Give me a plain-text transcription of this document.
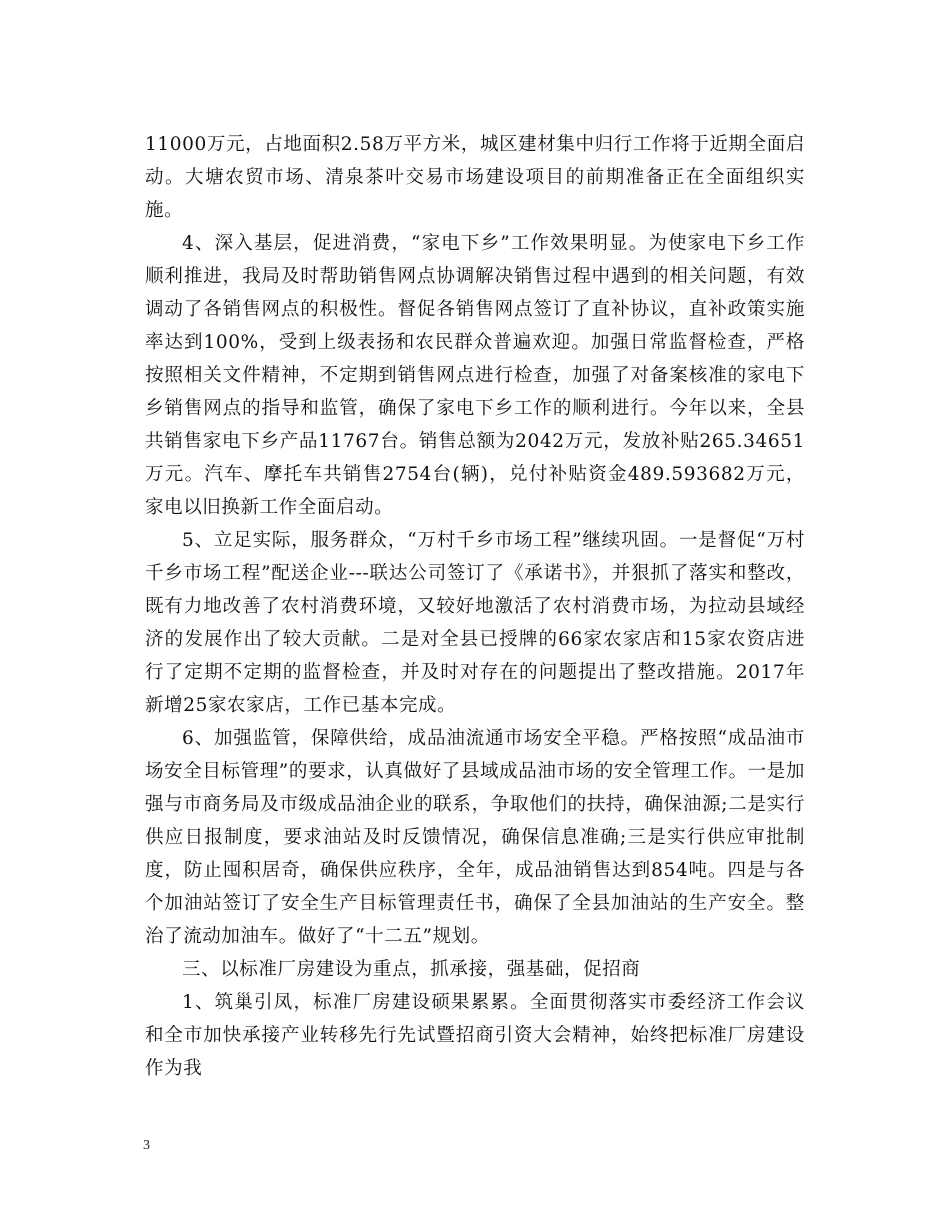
11000万元，占地面积2.58万平方米，城区建材集中归行工作将于近期全面启动。大塘农贸市场、清泉茶叶交易市场建设项目的前期准备正在全面组织实施。

4、深入基层，促进消费，“家电下乡”工作效果明显。为使家电下乡工作顺利推进，我局及时帮助销售网点协调解决销售过程中遇到的相关问题，有效调动了各销售网点的积极性。督促各销售网点签订了直补协议，直补政策实施率达到100%，受到上级表扬和农民群众普遍欢迎。加强日常监督检查，严格按照相关文件精神，不定期到销售网点进行检查，加强了对备案核准的家电下乡销售网点的指导和监管，确保了家电下乡工作的顺利进行。今年以来，全县共销售家电下乡产品11767台。销售总额为2042万元，发放补贴265.34651万元。汽车、摩托车共销售2754台(辆)，兑付补贴资金489.593682万元，家电以旧换新工作全面启动。

5、立足实际，服务群众，“万村千乡市场工程”继续巩固。一是督促“万村千乡市场工程”配送企业---联达公司签订了《承诺书》，并狠抓了落实和整改，既有力地改善了农村消费环境，又较好地激活了农村消费市场，为拉动县域经济的发展作出了较大贡献。二是对全县已授牌的66家农家店和15家农资店进行了定期不定期的监督检查，并及时对存在的问题提出了整改措施。2017年新增25家农家店，工作已基本完成。

6、加强监管，保障供给，成品油流通市场安全平稳。严格按照“成品油市场安全目标管理”的要求，认真做好了县域成品油市场的安全管理工作。一是加强与市商务局及市级成品油企业的联系，争取他们的扶持，确保油源;二是实行供应日报制度，要求油站及时反馈情况，确保信息准确;三是实行供应审批制度，防止囤积居奇，确保供应秩序，全年，成品油销售达到854吨。四是与各个加油站签订了安全生产目标管理责任书，确保了全县加油站的生产安全。整治了流动加油车。做好了“十二五”规划。

三、以标准厂房建设为重点，抓承接，强基础，促招商

1、筑巢引凤，标准厂房建设硕果累累。全面贯彻落实市委经济工作会议和全市加快承接产业转移先行先试暨招商引资大会精神，始终把标准厂房建设作为我

3
